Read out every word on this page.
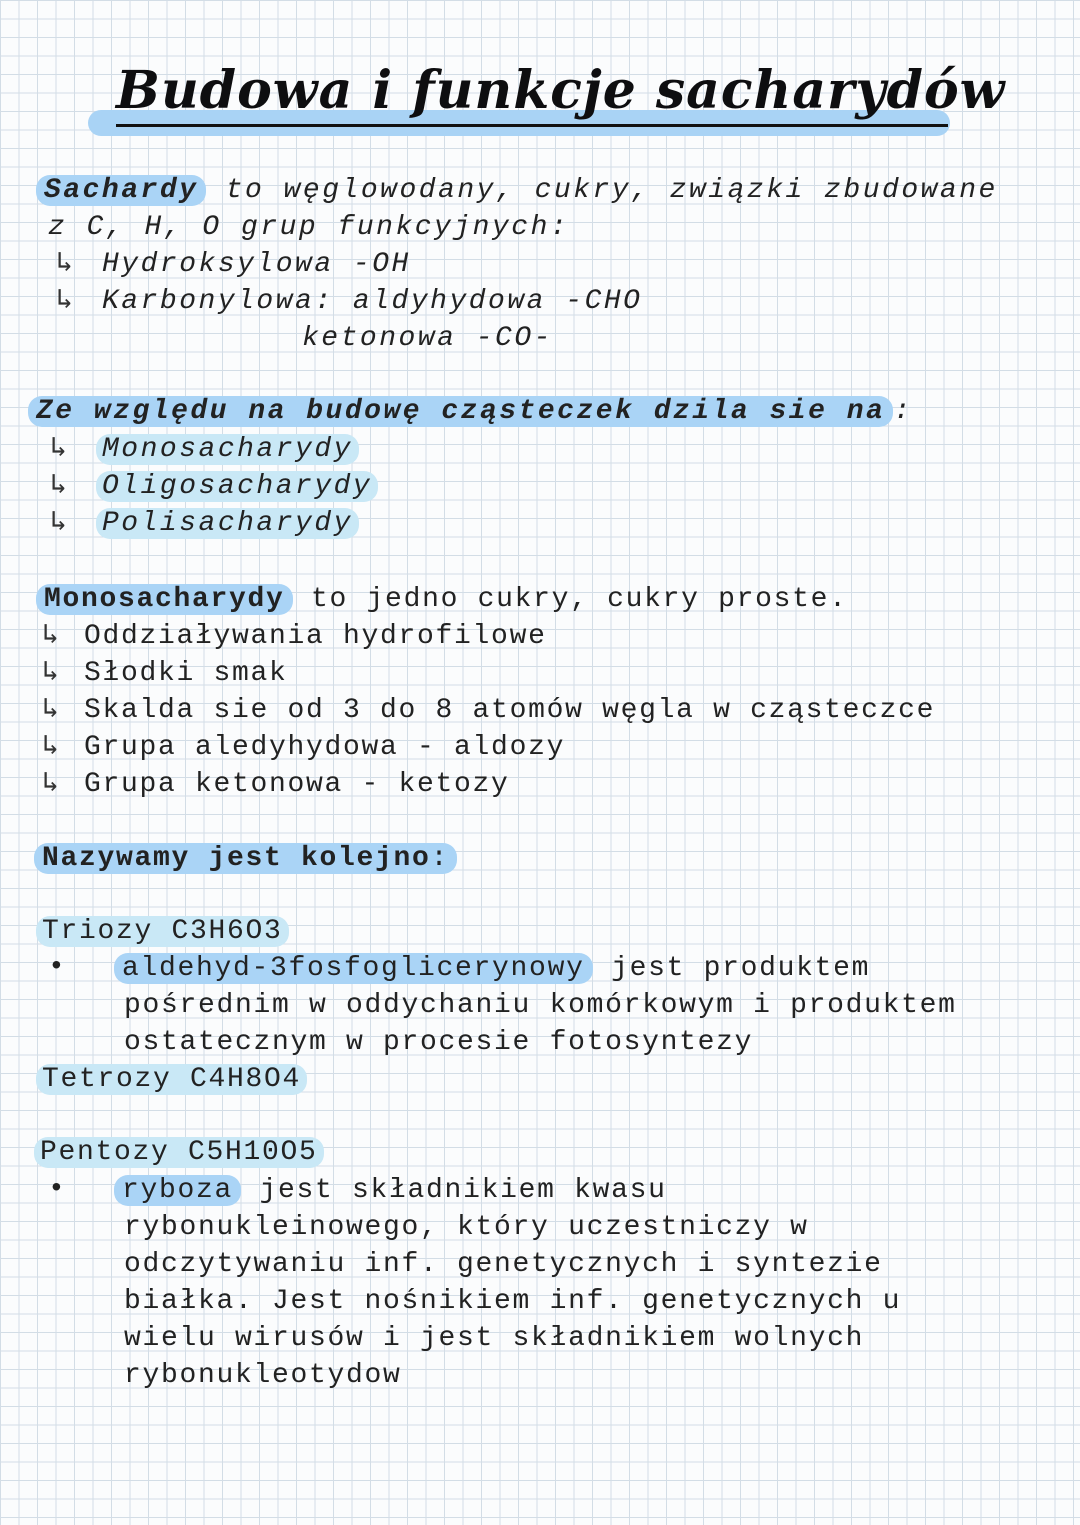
Budowa i funkcje sacharydów
Sachardy to węglowodany, cukry, związki zbudowane
z C, H, O grup funkcyjnych:
↳ Hydroksylowa -OH
↳ Karbonylowa: aldyhydowa -CHO
ketonowa -CO-
Ze względu na budowę cząsteczek dzila sie na :
↳ Monosacharydy
↳ Oligosacharydy
↳ Polisacharydy
Monosacharydy to jedno cukry, cukry proste.
↳ Oddziaływania hydrofilowe
↳ Słodki smak
↳ Skalda sie od 3 do 8 atomów węgla w cząsteczce
↳ Grupa aledyhydowa - aldozy
↳ Grupa ketonowa - ketozy
Nazywamy jest kolejno:
Triozy C3H6O3
• aldehyd-3fosfoglicerynowy jest produktem
pośrednim w oddychaniu komórkowym i produktem
ostatecznym w procesie fotosyntezy
Tetrozy C4H8O4
Pentozy C5H10O5
• ryboza jest składnikiem kwasu
rybonukleinowego, który uczestniczy w
odczytywaniu inf. genetycznych i syntezie
białka. Jest nośnikiem inf. genetycznych u
wielu wirusów i jest składnikiem wolnych
rybonukleotydow
